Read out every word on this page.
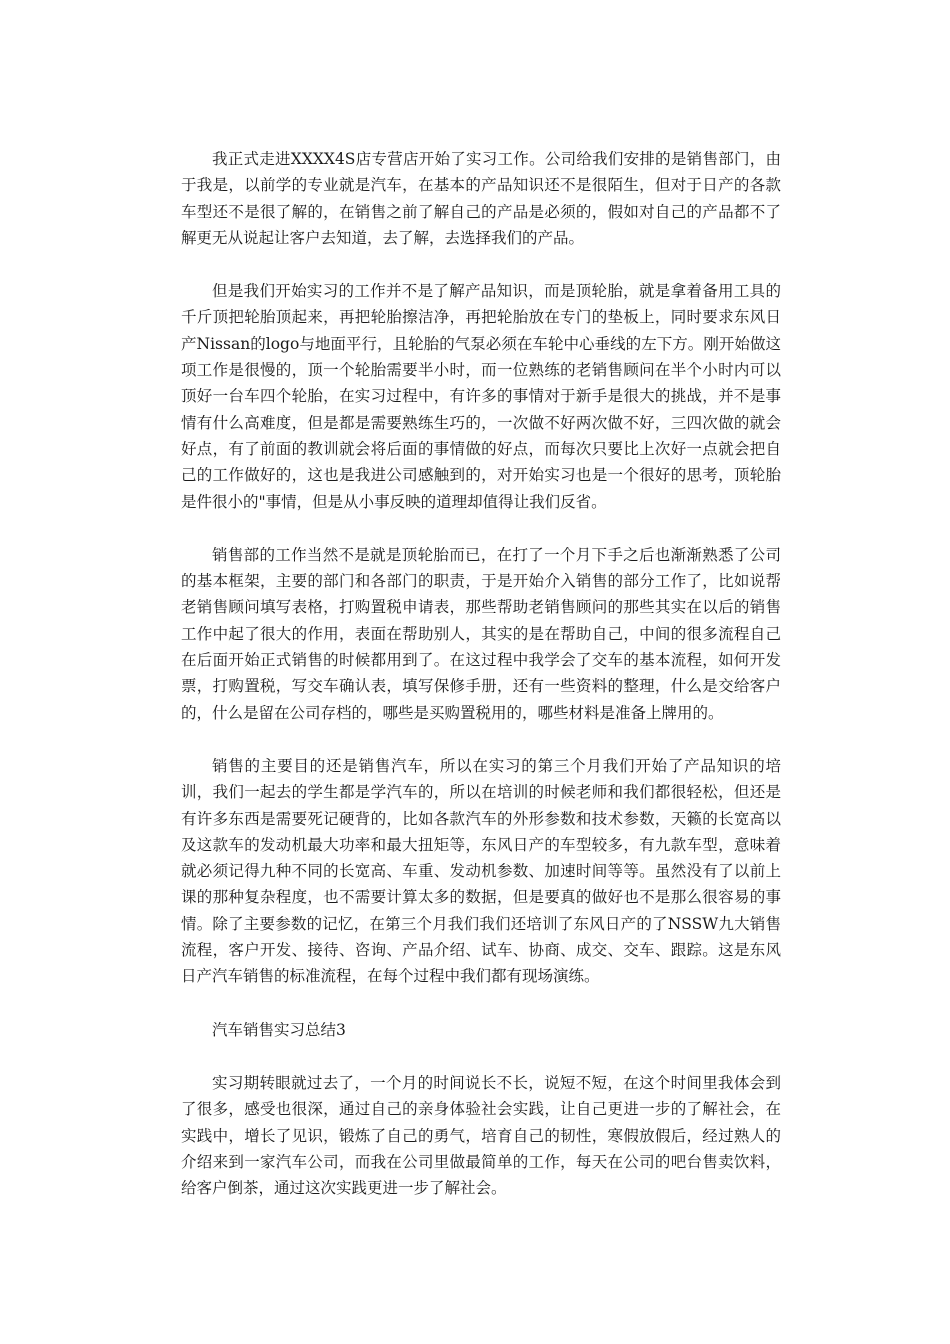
我正式走进XXXX4S店专营店开始了实习工作。公司给我们安排的是销售部门，由于我是，以前学的专业就是汽车，在基本的产品知识还不是很陌生，但对于日产的各款车型还不是很了解的，在销售之前了解自己的产品是必须的，假如对自己的产品都不了解更无从说起让客户去知道，去了解，去选择我们的产品。

但是我们开始实习的工作并不是了解产品知识，而是顶轮胎，就是拿着备用工具的千斤顶把轮胎顶起来，再把轮胎擦洁净，再把轮胎放在专门的垫板上，同时要求东风日产Nissan的logo与地面平行，且轮胎的气泵必须在车轮中心垂线的左下方。刚开始做这项工作是很慢的，顶一个轮胎需要半小时，而一位熟练的老销售顾问在半个小时内可以顶好一台车四个轮胎，在实习过程中，有许多的事情对于新手是很大的挑战，并不是事情有什么高难度，但是都是需要熟练生巧的，一次做不好两次做不好，三四次做的就会好点，有了前面的教训就会将后面的事情做的好点，而每次只要比上次好一点就会把自己的工作做好的，这也是我进公司感触到的，对开始实习也是一个很好的思考，顶轮胎是件很小的"事情，但是从小事反映的道理却值得让我们反省。

销售部的工作当然不是就是顶轮胎而已，在打了一个月下手之后也渐渐熟悉了公司的基本框架，主要的部门和各部门的职责，于是开始介入销售的部分工作了，比如说帮老销售顾问填写表格，打购置税申请表，那些帮助老销售顾问的那些其实在以后的销售工作中起了很大的作用，表面在帮助别人，其实的是在帮助自己，中间的很多流程自己在后面开始正式销售的时候都用到了。在这过程中我学会了交车的基本流程，如何开发票，打购置税，写交车确认表，填写保修手册，还有一些资料的整理，什么是交给客户的，什么是留在公司存档的，哪些是买购置税用的，哪些材料是准备上牌用的。

销售的主要目的还是销售汽车，所以在实习的第三个月我们开始了产品知识的培训，我们一起去的学生都是学汽车的，所以在培训的时候老师和我们都很轻松，但还是有许多东西是需要死记硬背的，比如各款汽车的外形参数和技术参数，天籁的长宽高以及这款车的发动机最大功率和最大扭矩等，东风日产的车型较多，有九款车型，意味着就必须记得九种不同的长宽高、车重、发动机参数、加速时间等等。虽然没有了以前上课的那种复杂程度，也不需要计算太多的数据，但是要真的做好也不是那么很容易的事情。除了主要参数的记忆，在第三个月我们我们还培训了东风日产的了NSSW九大销售流程，客户开发、接待、咨询、产品介绍、试车、协商、成交、交车、跟踪。这是东风日产汽车销售的标准流程，在每个过程中我们都有现场演练。

汽车销售实习总结3

实习期转眼就过去了，一个月的时间说长不长，说短不短，在这个时间里我体会到了很多，感受也很深，通过自己的亲身体验社会实践，让自己更进一步的了解社会，在实践中，增长了见识，锻炼了自己的勇气，培育自己的韧性，寒假放假后，经过熟人的介绍来到一家汽车公司，而我在公司里做最简单的工作，每天在公司的吧台售卖饮料，给客户倒茶，通过这次实践更进一步了解社会。
